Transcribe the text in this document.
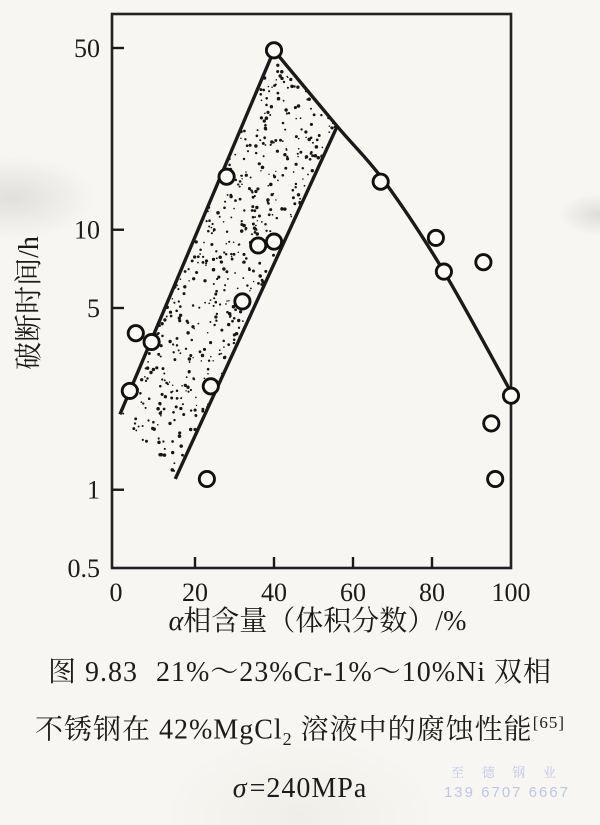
0 20 40 60 80 100
0.5
1
5
10
50
α相含量（体积分数）/%
破断时间/h
图 9.83 21%～23%Cr-1%～10%Ni 双相
不锈钢在 42%MgCl$_2$ 溶液中的腐蚀性能[65]
σ=240MPa
至 德 钢 业
139 6707 6667
